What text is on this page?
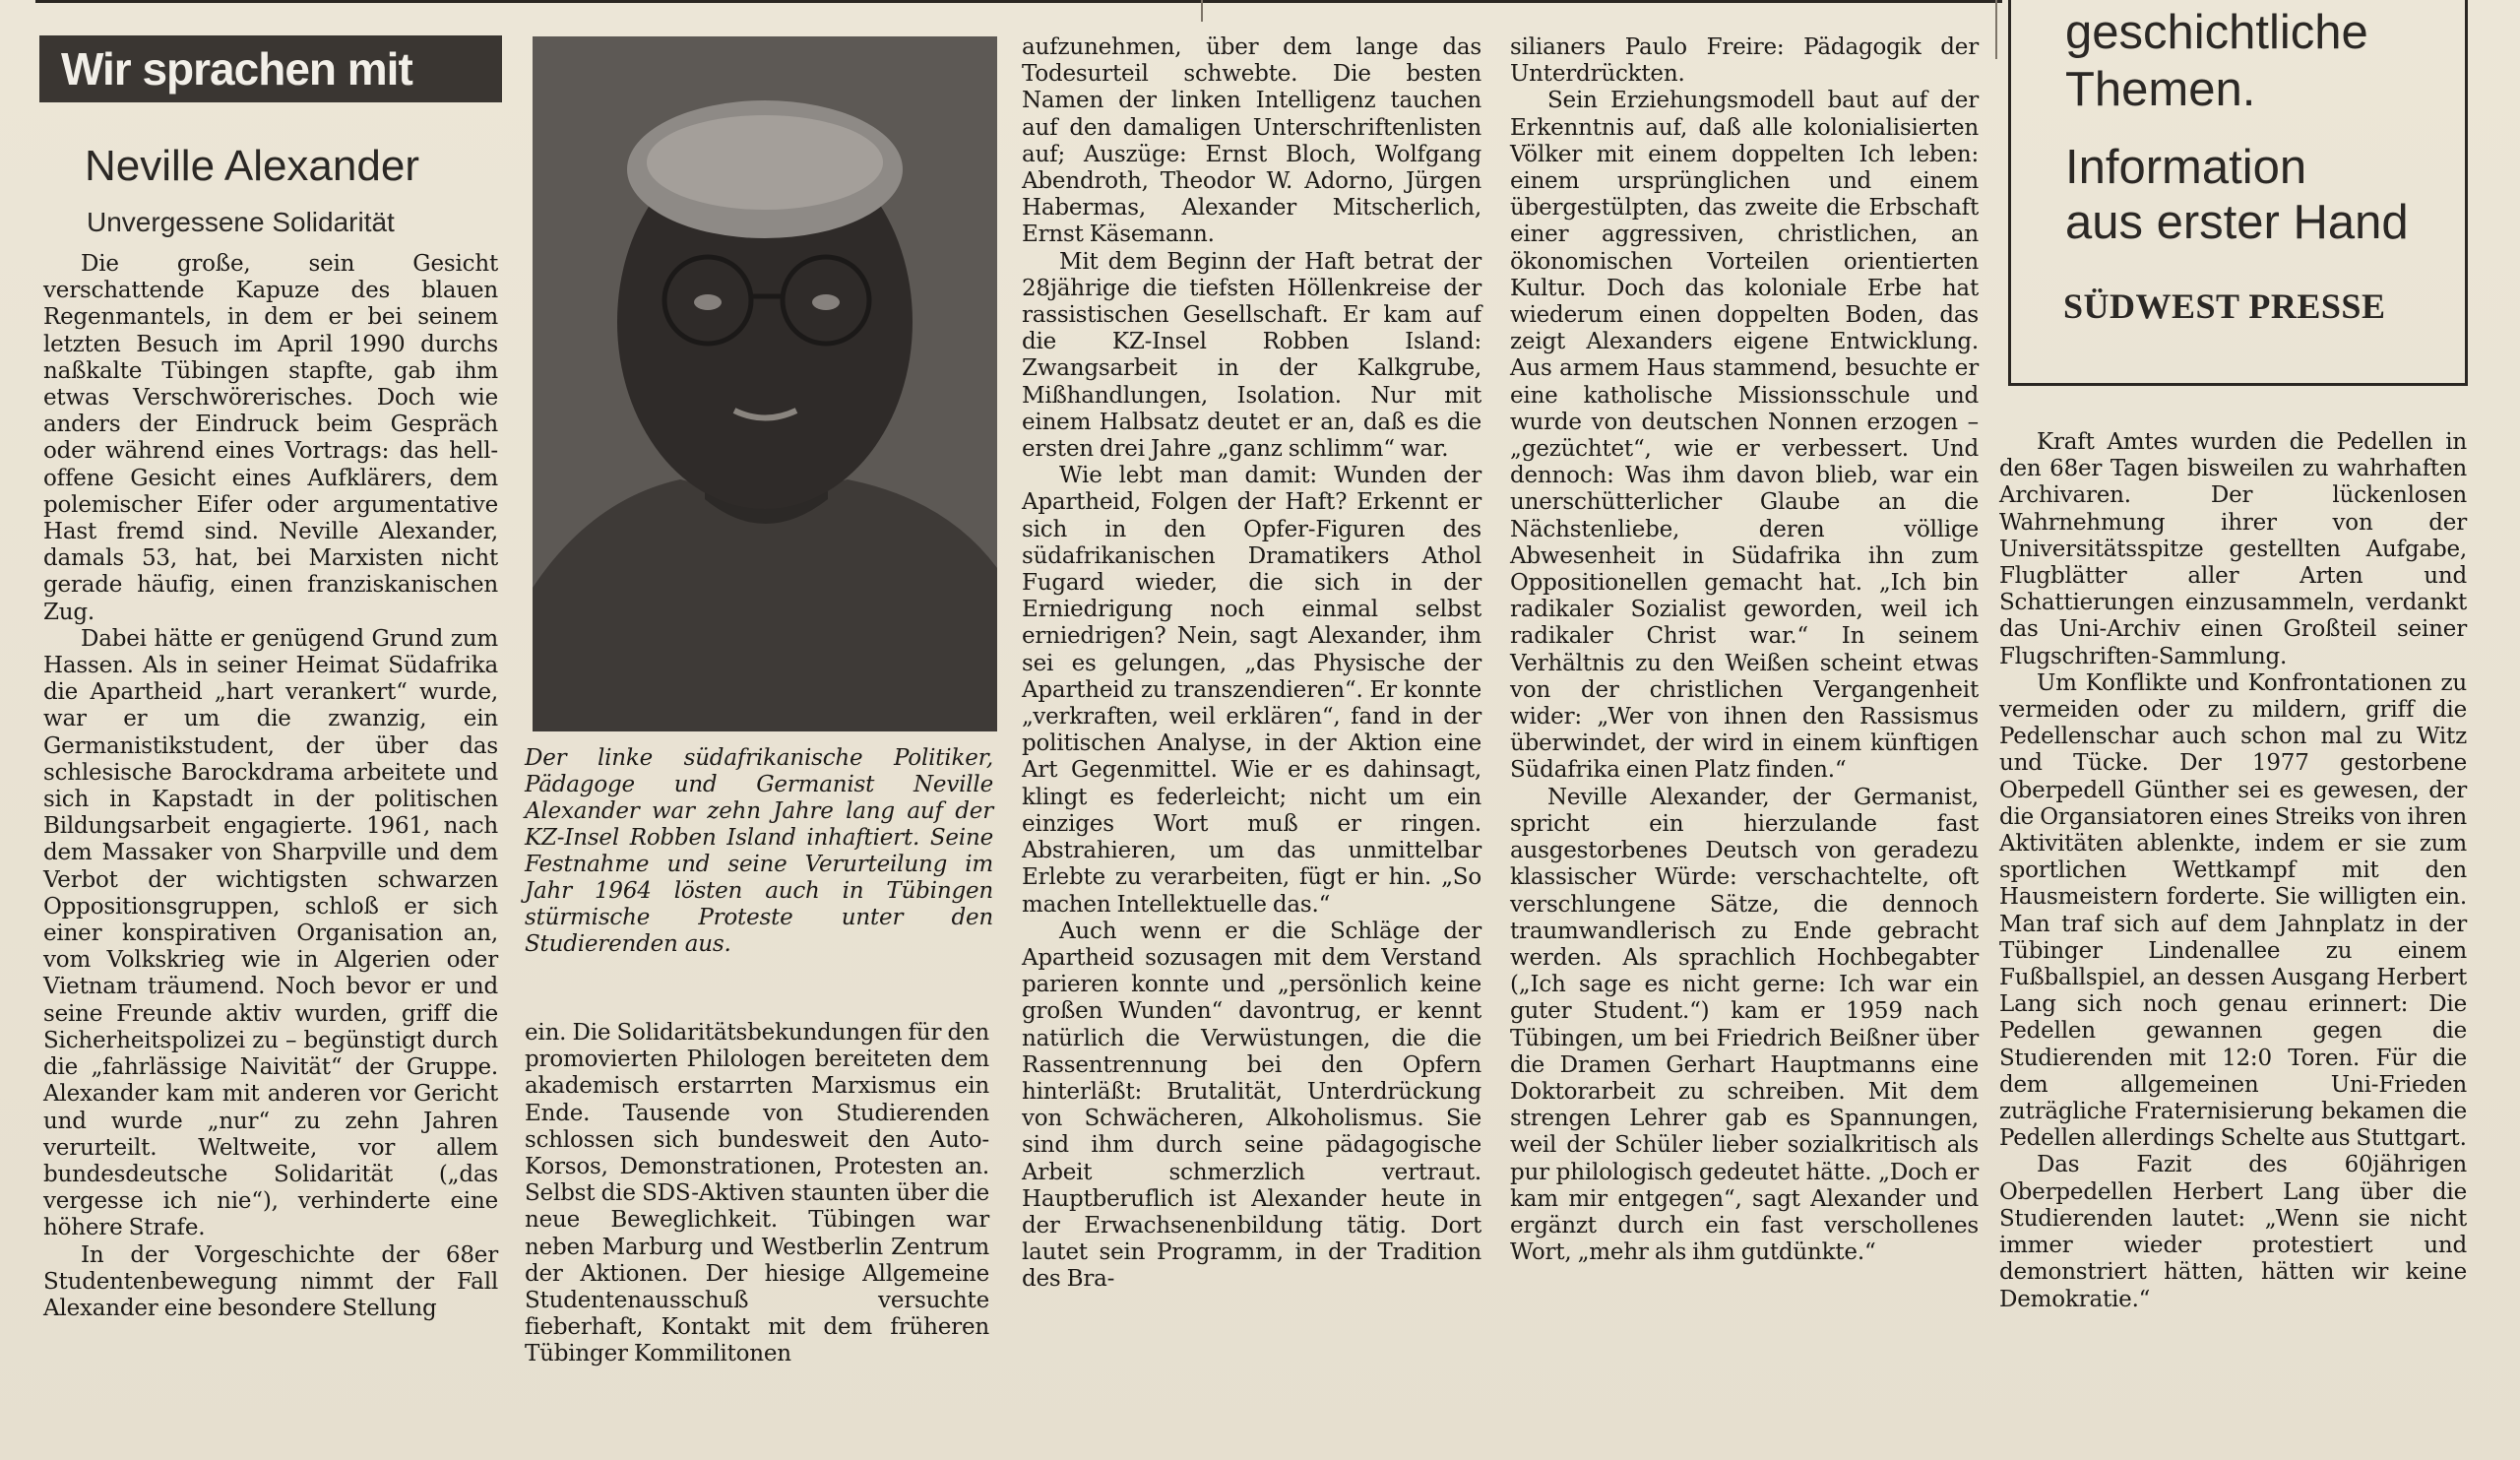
Wir sprachen mit
Neville Alexander
Unvergessene Solidarität

Die große, sein Gesicht verschattende Kapuze des blauen Regenmantels, in dem er bei seinem letzten Besuch im April 1990 durchs naßkalte Tübingen stapfte, gab ihm etwas Verschwörerisches. Doch wie anders der Eindruck beim Gespräch oder während eines Vortrags: das hell-offene Gesicht eines Aufklärers, dem polemischer Eifer oder argumentative Hast fremd sind. Neville Alexander, damals 53, hat, bei Marxisten nicht gerade häufig, einen franziskanischen Zug.

Dabei hätte er genügend Grund zum Hassen. Als in seiner Heimat Südafrika die Apartheid „hart verankert“ wurde, war er um die zwanzig, ein Germanistikstudent, der über das schlesische Barockdrama arbeitete und sich in Kapstadt in der politischen Bildungsarbeit engagierte. 1961, nach dem Massaker von Sharpville und dem Verbot der wichtigsten schwarzen Oppositionsgruppen, schloß er sich einer konspirativen Organisation an, vom Volkskrieg wie in Algerien oder Vietnam träumend. Noch bevor er und seine Freunde aktiv wurden, griff die Sicherheitspolizei zu – begünstigt durch die „fahrlässige Naivität“ der Gruppe. Alexander kam mit anderen vor Gericht und wurde „nur“ zu zehn Jahren verurteilt. Weltweite, vor allem bundesdeutsche Solidarität („das vergesse ich nie“), verhinderte eine höhere Strafe.

In der Vorgeschichte der 68er Studentenbewegung nimmt der Fall Alexander eine besondere Stellung

Der linke südafrikanische Politiker, Pädagoge und Germanist Neville Alexander war zehn Jahre lang auf der KZ-Insel Robben Island inhaftiert. Seine Festnahme und seine Verurteilung im Jahr 1964 lösten auch in Tübingen stürmische Proteste unter den Studierenden aus.

ein. Die Solidaritätsbekundungen für den promovierten Philologen bereiteten dem akademisch erstarrten Marxismus ein Ende. Tausende von Studierenden schlossen sich bundesweit den Auto-Korsos, Demonstrationen, Protesten an. Selbst die SDS-Aktiven staunten über die neue Beweglichkeit. Tübingen war neben Marburg und Westberlin Zentrum der Aktionen. Der hiesige Allgemeine Studentenausschuß versuchte fieberhaft, Kontakt mit dem früheren Tübinger Kommilitonen

aufzunehmen, über dem lange das Todesurteil schwebte. Die besten Namen der linken Intelligenz tauchen auf den damaligen Unterschriftenlisten auf; Auszüge: Ernst Bloch, Wolfgang Abendroth, Theodor W. Adorno, Jürgen Habermas, Alexander Mitscherlich, Ernst Käsemann.

Mit dem Beginn der Haft betrat der 28jährige die tiefsten Höllenkreise der rassistischen Gesellschaft. Er kam auf die KZ-Insel Robben Island: Zwangsarbeit in der Kalkgrube, Mißhandlungen, Isolation. Nur mit einem Halbsatz deutet er an, daß es die ersten drei Jahre „ganz schlimm“ war.

Wie lebt man damit: Wunden der Apartheid, Folgen der Haft? Erkennt er sich in den Opfer-Figuren des südafrikanischen Dramatikers Athol Fugard wieder, die sich in der Erniedrigung noch einmal selbst erniedrigen? Nein, sagt Alexander, ihm sei es gelungen, „das Physische der Apartheid zu transzendieren“. Er konnte „verkraften, weil erklären“, fand in der politischen Analyse, in der Aktion eine Art Gegenmittel. Wie er es dahinsagt, klingt es federleicht; nicht um ein einziges Wort muß er ringen. Abstrahieren, um das unmittelbar Erlebte zu verarbeiten, fügt er hin. „So machen Intellektuelle das.“

Auch wenn er die Schläge der Apartheid sozusagen mit dem Verstand parieren konnte und „persönlich keine großen Wunden“ davontrug, er kennt natürlich die Verwüstungen, die die Rassentrennung bei den Opfern hinterläßt: Brutalität, Unterdrückung von Schwächeren, Alkoholismus. Sie sind ihm durch seine pädagogische Arbeit schmerzlich vertraut. Hauptberuflich ist Alexander heute in der Erwachsenenbildung tätig. Dort lautet sein Programm, in der Tradition des Bra-

silianers Paulo Freire: Pädagogik der Unterdrückten.

Sein Erziehungsmodell baut auf der Erkenntnis auf, daß alle kolonialisierten Völker mit einem doppelten Ich leben: einem ursprünglichen und einem übergestülpten, das zweite die Erbschaft einer aggressiven, christlichen, an ökonomischen Vorteilen orientierten Kultur. Doch das koloniale Erbe hat wiederum einen doppelten Boden, das zeigt Alexanders eigene Entwicklung. Aus armem Haus stammend, besuchte er eine katholische Missionsschule und wurde von deutschen Nonnen erzogen – „gezüchtet“, wie er verbessert. Und dennoch: Was ihm davon blieb, war ein unerschütterlicher Glaube an die Nächstenliebe, deren völlige Abwesenheit in Südafrika ihn zum Oppositionellen gemacht hat. „Ich bin radikaler Sozialist geworden, weil ich radikaler Christ war.“ In seinem Verhältnis zu den Weißen scheint etwas von der christlichen Vergangenheit wider: „Wer von ihnen den Rassismus überwindet, der wird in einem künftigen Südafrika einen Platz finden.“

Neville Alexander, der Germanist, spricht ein hierzulande fast ausgestorbenes Deutsch von geradezu klassischer Würde: verschachtelte, oft verschlungene Sätze, die dennoch traumwandlerisch zu Ende gebracht werden. Als sprachlich Hochbegabter („Ich sage es nicht gerne: Ich war ein guter Student.“) kam er 1959 nach Tübingen, um bei Friedrich Beißner über die Dramen Gerhart Hauptmanns eine Doktorarbeit zu schreiben. Mit dem strengen Lehrer gab es Spannungen, weil der Schüler lieber sozialkritisch als pur philologisch gedeutet hätte. „Doch er kam mir entgegen“, sagt Alexander und ergänzt durch ein fast verschollenes Wort, „mehr als ihm gutdünkte.“

geschichtliche
Themen.
Information
aus erster Hand
SÜDWEST PRESSE

Kraft Amtes wurden die Pedellen in den 68er Tagen bisweilen zu wahrhaften Archivaren. Der lückenlosen Wahrnehmung ihrer von der Universitätsspitze gestellten Aufgabe, Flugblätter aller Arten und Schattierungen einzusammeln, verdankt das Uni-Archiv einen Großteil seiner Flugschriften-Sammlung.

Um Konflikte und Konfrontationen zu vermeiden oder zu mildern, griff die Pedellenschar auch schon mal zu Witz und Tücke. Der 1977 gestorbene Oberpedell Günther sei es gewesen, der die Organsiatoren eines Streiks von ihren Aktivitäten ablenkte, indem er sie zum sportlichen Wettkampf mit den Hausmeistern forderte. Sie willigten ein. Man traf sich auf dem Jahnplatz in der Tübinger Lindenallee zu einem Fußballspiel, an dessen Ausgang Herbert Lang sich noch genau erinnert: Die Pedellen gewannen gegen die Studierenden mit 12:0 Toren. Für die dem allgemeinen Uni-Frieden zuträgliche Fraternisierung bekamen die Pedellen allerdings Schelte aus Stuttgart.

Das Fazit des 60jährigen Oberpedellen Herbert Lang über die Studierenden lautet: „Wenn sie nicht immer wieder protestiert und demonstriert hätten, hätten wir keine Demokratie.“
